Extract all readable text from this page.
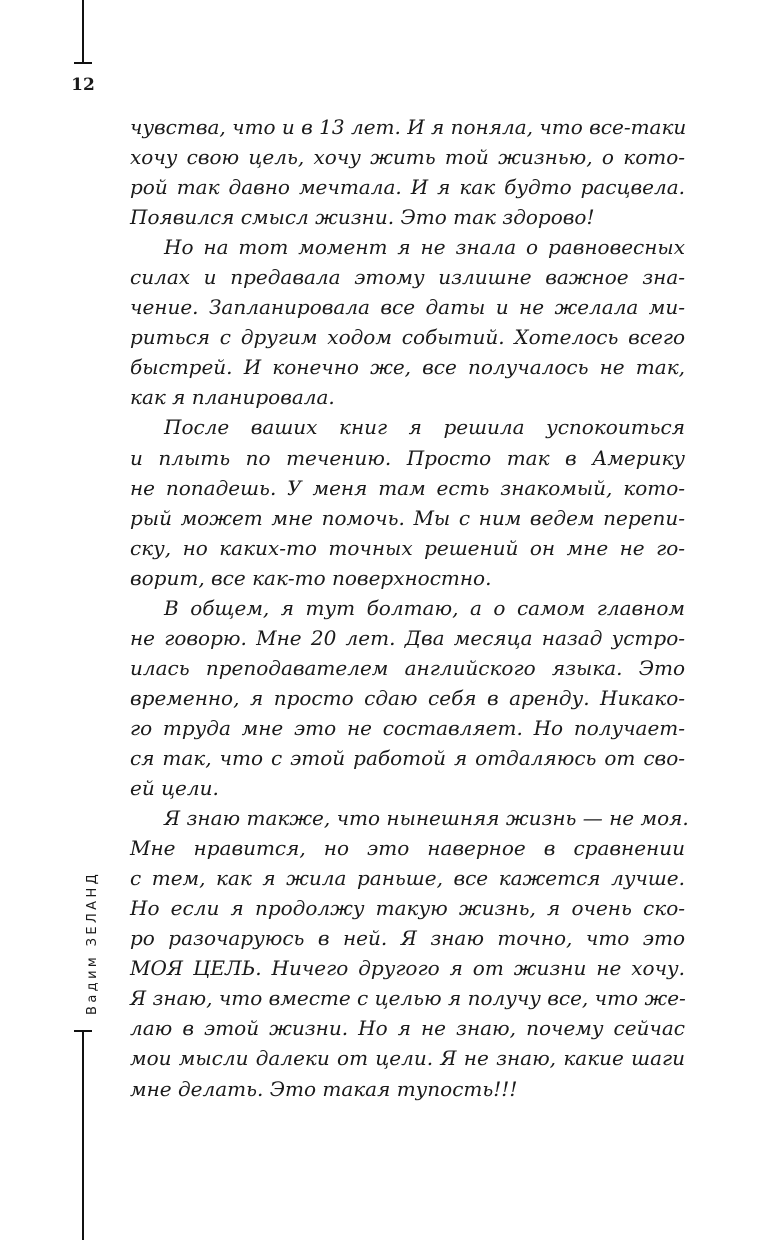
12
Вадим ЗЕЛАНД
чувства, что и в 13 лет. И я поняла, что все-таки
хочу свою цель, хочу жить той жизнью, о кото-
рой так давно мечтала. И я как будто расцвела.
Появился смысл жизни. Это так здорово!
Но на тот момент я не знала о равновесных
силах и предавала этому излишне важное зна-
чение. Запланировала все даты и не желала ми-
риться с другим ходом событий. Хотелось всего
быстрей. И конечно же, все получалось не так,
как я планировала.
После ваших книг я решила успокоиться
и плыть по течению. Просто так в Америку
не попадешь. У меня там есть знакомый, кото-
рый может мне помочь. Мы с ним ведем перепи-
ску, но каких-то точных решений он мне не го-
ворит, все как-то поверхностно.
В общем, я тут болтаю, а о самом главном
не говорю. Мне 20 лет. Два месяца назад устро-
илась преподавателем английского языка. Это
временно, я просто сдаю себя в аренду. Никако-
го труда мне это не составляет. Но получает-
ся так, что с этой работой я отдаляюсь от сво-
ей цели.
Я знаю также, что нынешняя жизнь — не моя.
Мне нравится, но это наверное в сравнении
с тем, как я жила раньше, все кажется лучше.
Но если я продолжу такую жизнь, я очень ско-
ро разочаруюсь в ней. Я знаю точно, что это
МОЯ ЦЕЛЬ. Ничего другого я от жизни не хочу.
Я знаю, что вместе с целью я получу все, что же-
лаю в этой жизни. Но я не знаю, почему сейчас
мои мысли далеки от цели. Я не знаю, какие шаги
мне делать. Это такая тупость!!!
